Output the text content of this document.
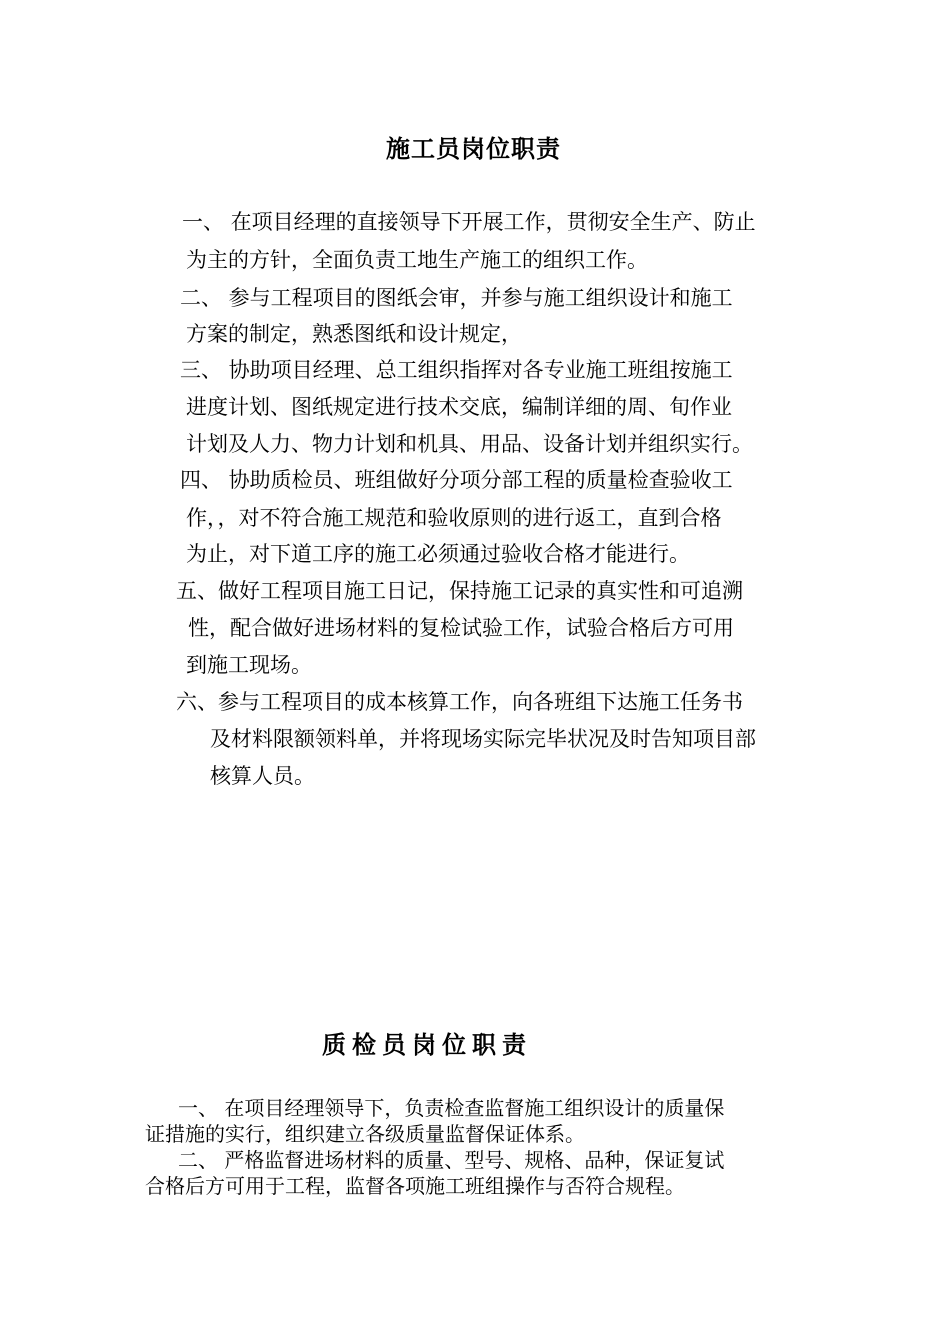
施工员岗位职责
一、 在项目经理的直接领导下开展工作，贯彻安全生产、防止
为主的方针，全面负责工地生产施工的组织工作。
二、 参与工程项目的图纸会审，并参与施工组织设计和施工
方案的制定，熟悉图纸和设计规定，
三、 协助项目经理、总工组织指挥对各专业施工班组按施工
进度计划、图纸规定进行技术交底，编制详细的周、旬作业
计划及人力、物力计划和机具、用品、设备计划并组织实行。
四、 协助质检员、班组做好分项分部工程的质量检查验收工
作，，对不符合施工规范和验收原则的进行返工，直到合格
为止，对下道工序的施工必须通过验收合格才能进行。
五、做好工程项目施工日记，保持施工记录的真实性和可追溯
性，配合做好进场材料的复检试验工作，试验合格后方可用
到施工现场。
六、参与工程项目的成本核算工作，向各班组下达施工任务书
及材料限额领料单，并将现场实际完毕状况及时告知项目部
核算人员。
质检员岗位职责
一、 在项目经理领导下，负责检查监督施工组织设计的质量保
证措施的实行，组织建立各级质量监督保证体系。
二、 严格监督进场材料的质量、型号、规格、品种，保证复试
合格后方可用于工程，监督各项施工班组操作与否符合规程。
